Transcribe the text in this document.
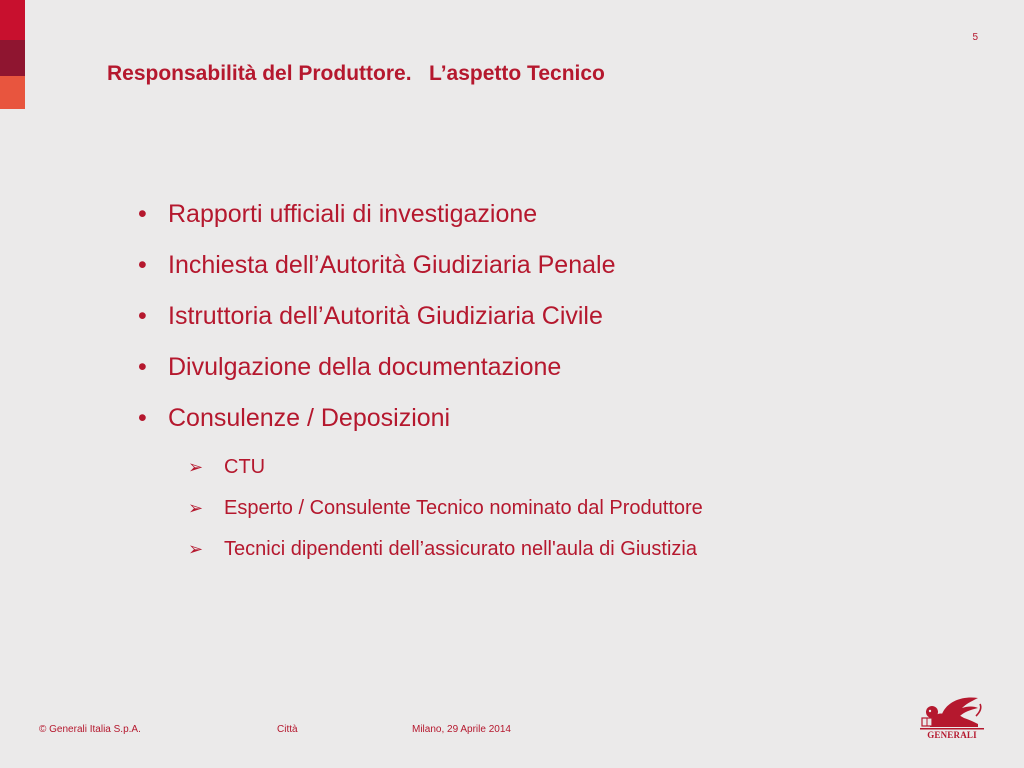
5
Responsabilità del Produttore.   L’aspetto Tecnico
• Rapporti ufficiali di investigazione
• Inchiesta dell’Autorità Giudiziaria Penale
• Istruttoria dell’Autorità Giudiziaria Civile
• Divulgazione della documentazione
• Consulenze / Deposizioni
➢ CTU
➢ Esperto / Consulente Tecnico nominato dal Produttore
➢ Tecnici dipendenti dell’assicurato nell'aula di Giustizia
© Generali Italia S.p.A.	Città	Milano, 29 Aprile 2014	GENERALI
